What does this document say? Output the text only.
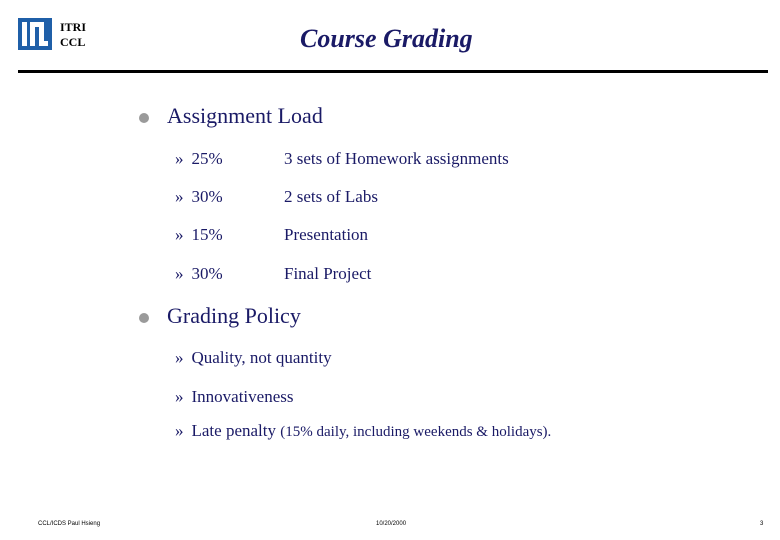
ITRI
CCL	Course Grading
Assignment Load
» 25%	3 sets of Homework assignments
» 30%	2 sets of Labs
» 15%	Presentation
» 30%	Final Project
Grading Policy
» Quality, not quantity
» Innovativeness
» Late penalty (15% daily, including weekends & holidays).
CCL/ICDS Paul Hsieng	10/20/2000	3
